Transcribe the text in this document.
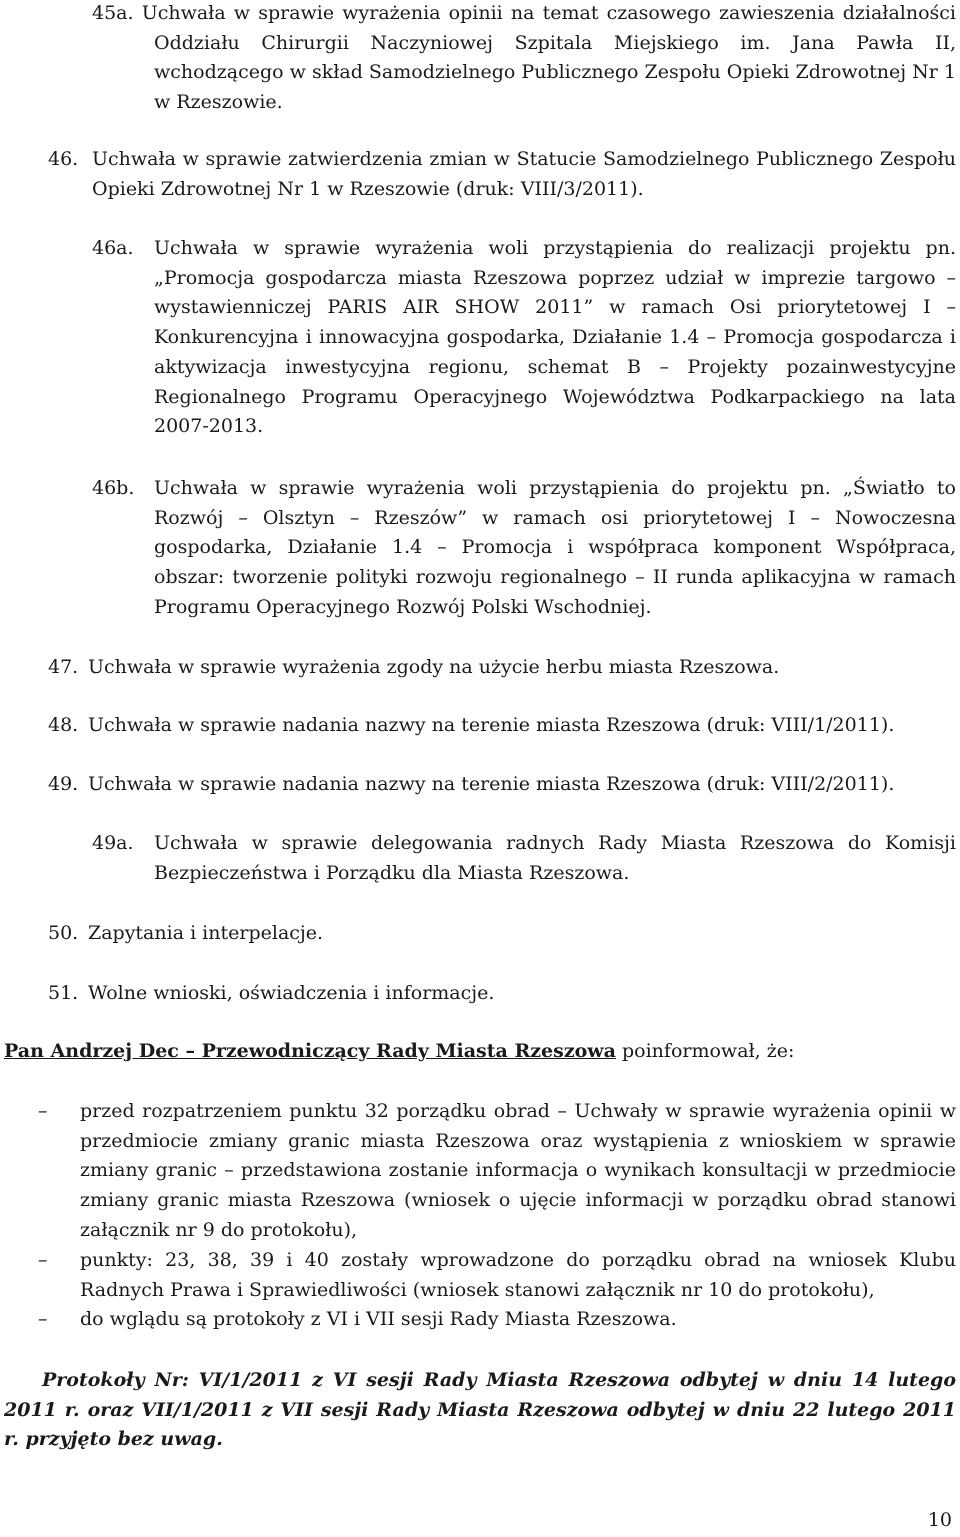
45a. Uchwała w sprawie wyrażenia opinii na temat czasowego zawieszenia działalności Oddziału Chirurgii Naczyniowej Szpitala Miejskiego im. Jana Pawła II, wchodzącego w skład Samodzielnego Publicznego Zespołu Opieki Zdrowotnej Nr 1 w Rzeszowie.
46. Uchwała w sprawie zatwierdzenia zmian w Statucie Samodzielnego Publicznego Zespołu Opieki Zdrowotnej Nr 1 w Rzeszowie (druk: VIII/3/2011).
46a. Uchwała w sprawie wyrażenia woli przystąpienia do realizacji projektu pn. „Promocja gospodarcza miasta Rzeszowa poprzez udział w imprezie targowo – wystawienniczej PARIS AIR SHOW 2011” w ramach Osi priorytetowej I – Konkurencyjna i innowacyjna gospodarka, Działanie 1.4 – Promocja gospodarcza i aktywizacja inwestycyjna regionu, schemat B – Projekty pozainwestycyjne Regionalnego Programu Operacyjnego Województwa Podkarpackiego na lata 2007-2013.
46b. Uchwała w sprawie wyrażenia woli przystąpienia do projektu pn. „Światło to Rozwój – Olsztyn – Rzeszów” w ramach osi priorytetowej I – Nowoczesna gospodarka, Działanie 1.4 – Promocja i współpraca komponent Współpraca, obszar: tworzenie polityki rozwoju regionalnego – II runda aplikacyjna w ramach Programu Operacyjnego Rozwój Polski Wschodniej.
47. Uchwała w sprawie wyrażenia zgody na użycie herbu miasta Rzeszowa.
48. Uchwała w sprawie nadania nazwy na terenie miasta Rzeszowa (druk: VIII/1/2011).
49. Uchwała w sprawie nadania nazwy na terenie miasta Rzeszowa (druk: VIII/2/2011).
49a. Uchwała w sprawie delegowania radnych Rady Miasta Rzeszowa do Komisji Bezpieczeństwa i Porządku dla Miasta Rzeszowa.
50. Zapytania i interpelacje.
51. Wolne wnioski, oświadczenia i informacje.
Pan Andrzej Dec – Przewodniczący Rady Miasta Rzeszowa poinformował, że:
– przed rozpatrzeniem punktu 32 porządku obrad – Uchwały w sprawie wyrażenia opinii w przedmiocie zmiany granic miasta Rzeszowa oraz wystąpienia z wnioskiem w sprawie zmiany granic – przedstawiona zostanie informacja o wynikach konsultacji w przedmiocie zmiany granic miasta Rzeszowa (wniosek o ujęcie informacji w porządku obrad stanowi załącznik nr 9 do protokołu),
– punkty: 23, 38, 39 i 40 zostały wprowadzone do porządku obrad na wniosek Klubu Radnych Prawa i Sprawiedliwości (wniosek stanowi załącznik nr 10 do protokołu),
– do wglądu są protokoły z VI i VII sesji Rady Miasta Rzeszowa.
Protokoły Nr: VI/1/2011 z VI sesji Rady Miasta Rzeszowa odbytej w dniu 14 lutego 2011 r. oraz VII/1/2011 z VII sesji Rady Miasta Rzeszowa odbytej w dniu 22 lutego 2011 r. przyjęto bez uwag.
10
